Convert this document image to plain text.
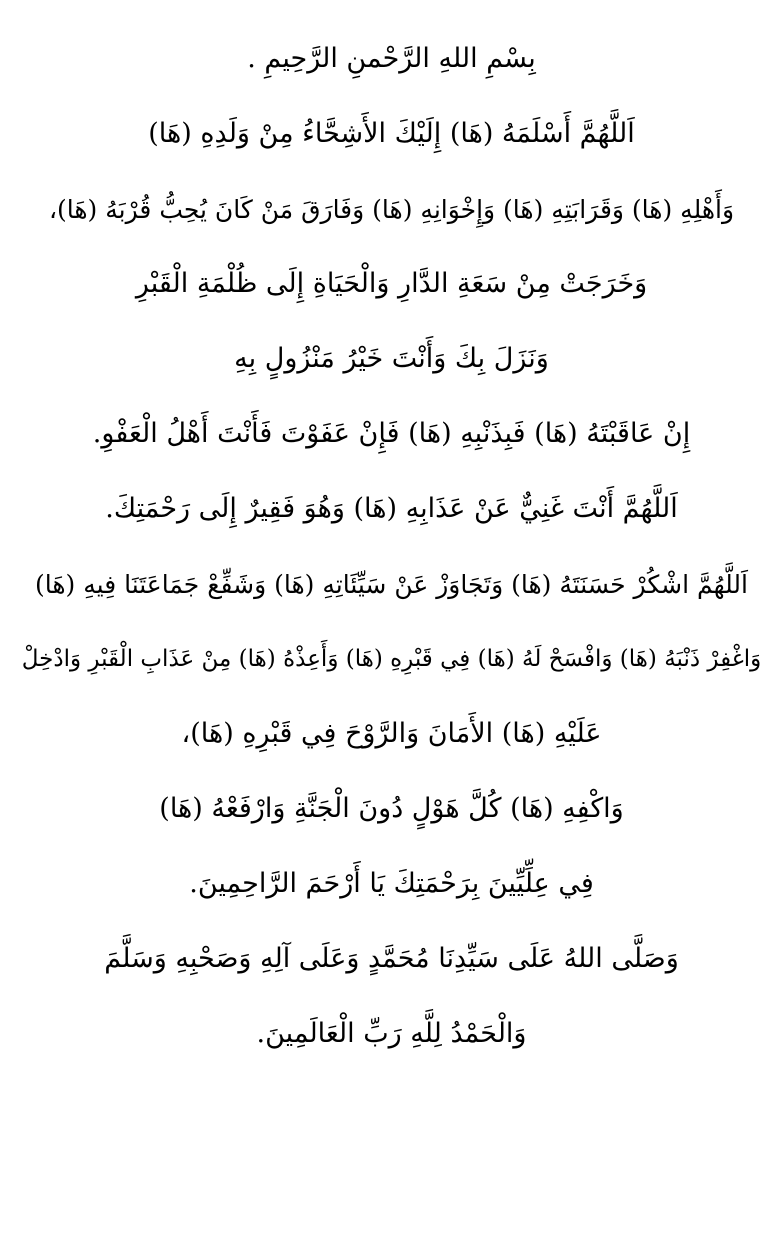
بِسْمِ اللهِ الرَّحْمنِ الرَّحِيمِ .
اَللَّهُمَّ أَسْلَمَهُ (هَا) إِلَيْكَ الأَشِحَّاءُ مِنْ وَلَدِهِ (هَا)
وَأَهْلِهِ (هَا) وَقَرَابَتِهِ (هَا) وَإِخْوَانِهِ (هَا) وَفَارَقَ مَنْ كَانَ يُحِبُّ قُرْبَهُ (هَا)،
وَخَرَجَتْ مِنْ سَعَةِ الدَّارِ وَالْحَيَاةِ إِلَى ظُلْمَةِ الْقَبْرِ
وَنَزَلَ بِكَ وَأَنْتَ خَيْرُ مَنْزُولٍ بِهِ
إِنْ عَاقَبْتَهُ (هَا) فَبِذَنْبِهِ (هَا) فَإِنْ عَفَوْتَ فَأَنْتَ أَهْلُ الْعَفْوِ.
اَللَّهُمَّ أَنْتَ غَنِيٌّ عَنْ عَذَابِهِ (هَا) وَهُوَ فَقِيرٌ إِلَى رَحْمَتِكَ.
اَللَّهُمَّ اشْكُرْ حَسَنَتَهُ (هَا) وَتَجَاوَزْ عَنْ سَيِّئَاتِهِ (هَا) وَشَفِّعْ جَمَاعَتَنَا فِيهِ (هَا)
وَاغْفِرْ ذَنْبَهُ (هَا) وَافْسَحْ لَهُ (هَا) فِي قَبْرِهِ (هَا) وَأَعِذْهُ (هَا) مِنْ عَذَابِ الْقَبْرِ وَادْخِلْ
عَلَيْهِ (هَا) الأَمَانَ وَالرَّوْحَ فِي قَبْرِهِ (هَا)،
وَاكْفِهِ (هَا) كُلَّ هَوْلٍ دُونَ الْجَنَّةِ وَارْفَعْهُ (هَا)
فِي عِلِّيِّينَ بِرَحْمَتِكَ يَا أَرْحَمَ الرَّاحِمِينَ.
وَصَلَّى اللهُ عَلَى سَيِّدِنَا مُحَمَّدٍ وَعَلَى آلِهِ وَصَحْبِهِ وَسَلَّمَ
وَالْحَمْدُ لِلَّهِ رَبِّ الْعَالَمِينَ.
